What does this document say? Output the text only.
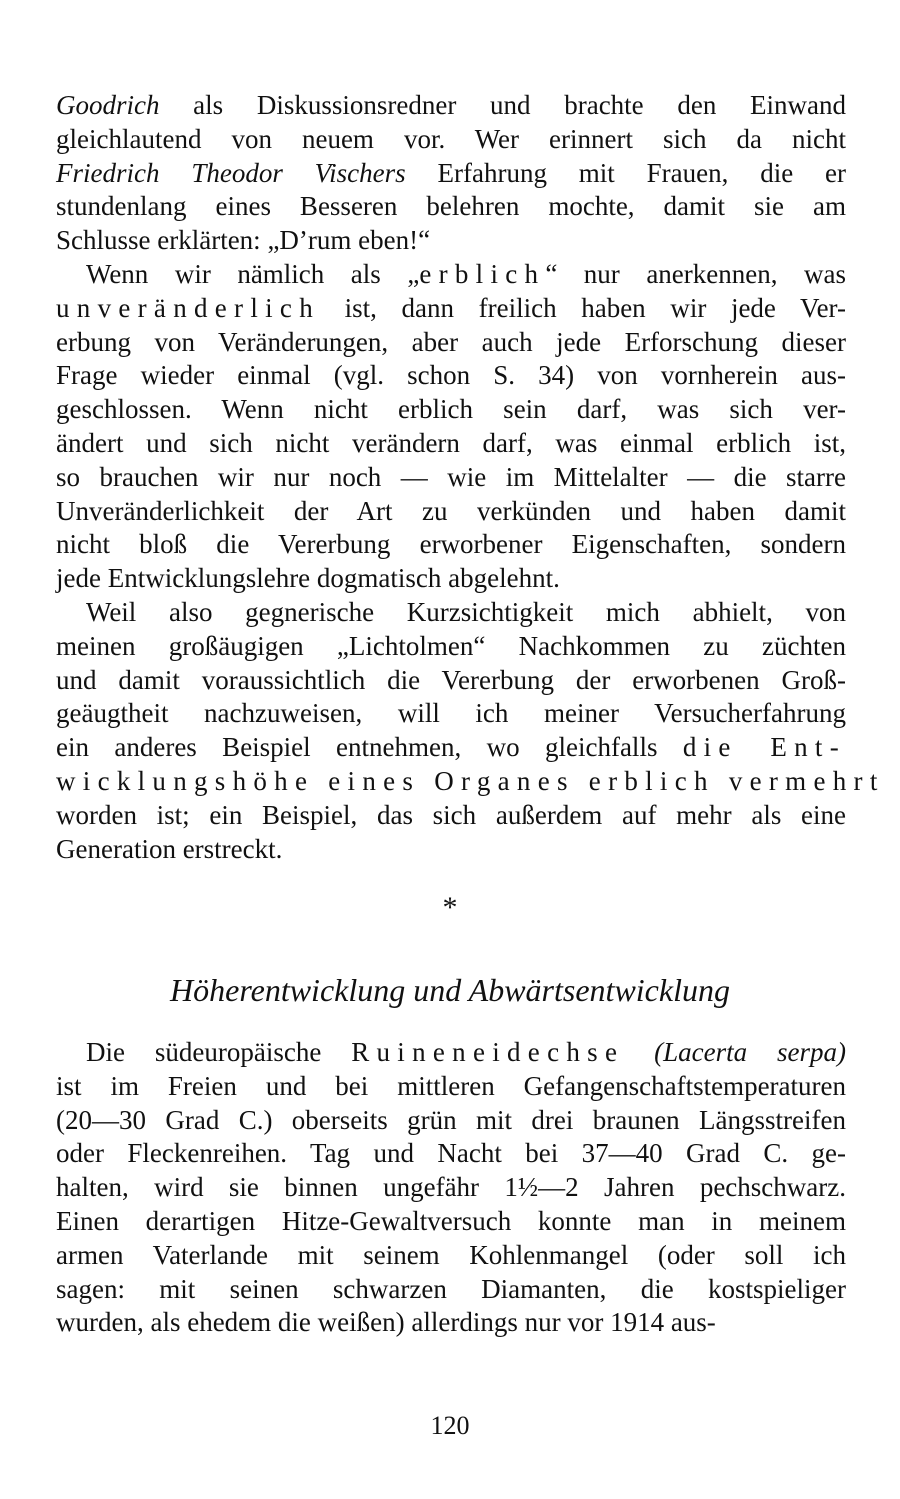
Goodrich als Diskussionsredner und brachte den Einwand
gleichlautend von neuem vor. Wer erinnert sich da nicht
Friedrich Theodor Vischers Erfahrung mit Frauen, die er
stundenlang eines Besseren belehren mochte, damit sie am
Schlusse erklärten: „D’rum eben!“
Wenn wir nämlich als „erblich“ nur anerkennen, was
unveränderlich ist, dann freilich haben wir jede Ver-
erbung von Veränderungen, aber auch jede Erforschung dieser
Frage wieder einmal (vgl. schon S. 34) von vornherein aus-
geschlossen. Wenn nicht erblich sein darf, was sich ver-
ändert und sich nicht verändern darf, was einmal erblich ist,
so brauchen wir nur noch — wie im Mittelalter — die starre
Unveränderlichkeit der Art zu verkünden und haben damit
nicht bloß die Vererbung erworbener Eigenschaften, sondern
jede Entwicklungslehre dogmatisch abgelehnt.
Weil also gegnerische Kurzsichtigkeit mich abhielt, von
meinen großäugigen „Lichtolmen“ Nachkommen zu züchten
und damit voraussichtlich die Vererbung der erworbenen Groß-
geäugtheit nachzuweisen, will ich meiner Versucherfahrung
ein anderes Beispiel entnehmen, wo gleichfalls die Ent-
wicklungshöhe eines Organes erblich vermehrt
worden ist; ein Beispiel, das sich außerdem auf mehr als eine
Generation erstreckt.
*
Höherentwicklung und Abwärtsentwicklung
Die südeuropäische Ruineneidechse (Lacerta serpa)
ist im Freien und bei mittleren Gefangenschaftstemperaturen
(20—30 Grad C.) oberseits grün mit drei braunen Längsstreifen
oder Fleckenreihen. Tag und Nacht bei 37—40 Grad C. ge-
halten, wird sie binnen ungefähr 1½—2 Jahren pechschwarz.
Einen derartigen Hitze-Gewaltversuch konnte man in meinem
armen Vaterlande mit seinem Kohlenmangel (oder soll ich
sagen: mit seinen schwarzen Diamanten, die kostspieliger
wurden, als ehedem die weißen) allerdings nur vor 1914 aus-
120
